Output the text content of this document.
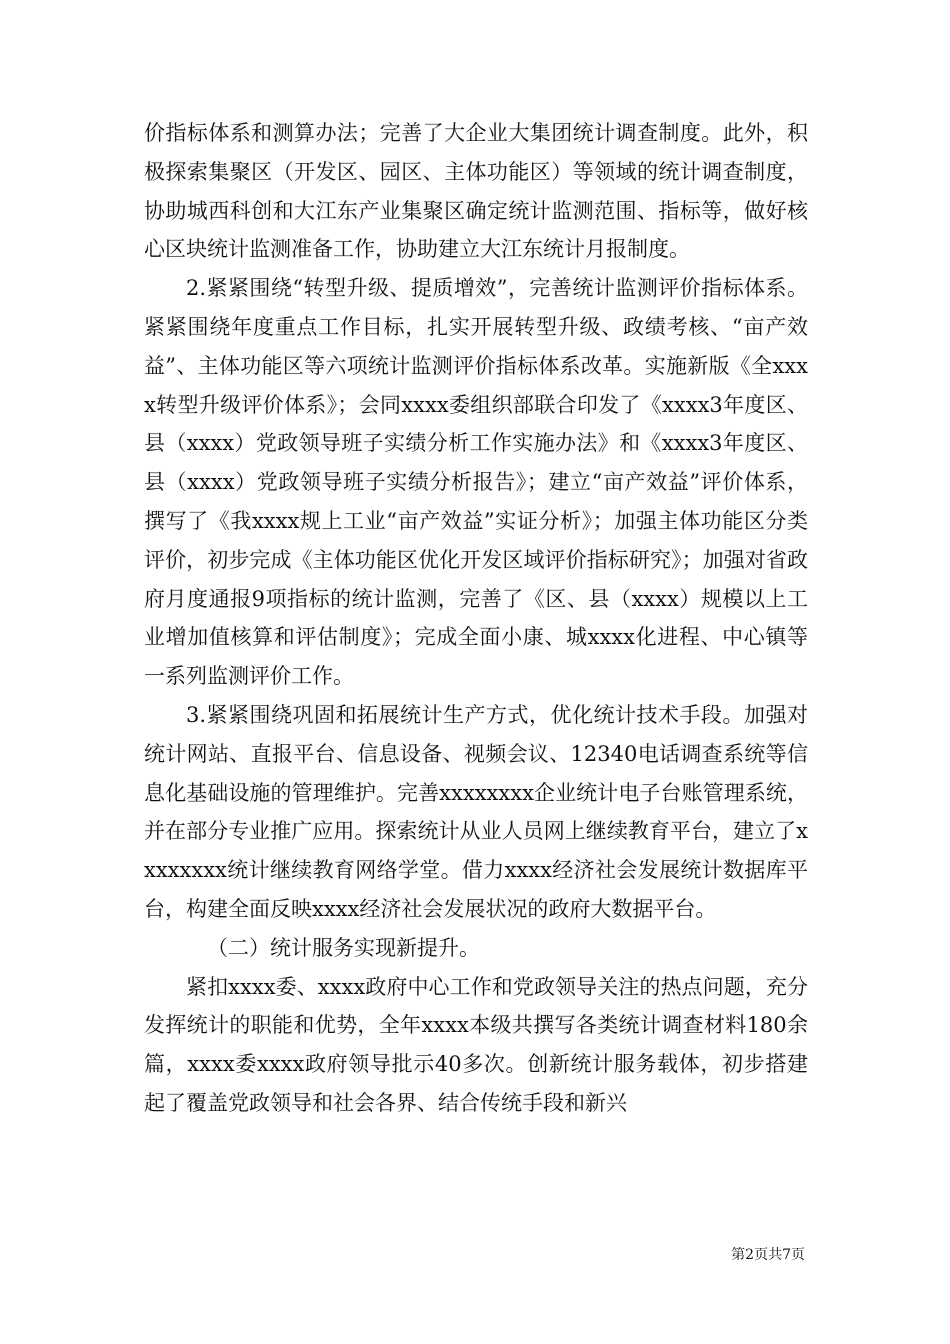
价指标体系和测算办法；完善了大企业大集团统计调查制度。此外，积极探索集聚区（开发区、园区、主体功能区）等领域的统计调查制度，协助城西科创和大江东产业集聚区确定统计监测范围、指标等，做好核心区块统计监测准备工作，协助建立大江东统计月报制度。

2.紧紧围绕“转型升级、提质增效”，完善统计监测评价指标体系。紧紧围绕年度重点工作目标，扎实开展转型升级、政绩考核、“亩产效益”、主体功能区等六项统计监测评价指标体系改革。实施新版《全xxxx转型升级评价体系》；会同xxxx委组织部联合印发了《xxxx3年度区、县（xxxx）党政领导班子实绩分析工作实施办法》和《xxxx3年度区、县（xxxx）党政领导班子实绩分析报告》；建立“亩产效益”评价体系，撰写了《我xxxx规上工业“亩产效益”实证分析》；加强主体功能区分类评价，初步完成《主体功能区优化开发区域评价指标研究》；加强对省政府月度通报9项指标的统计监测，完善了《区、县（xxxx）规模以上工业增加值核算和评估制度》；完成全面小康、城xxxx化进程、中心镇等一系列监测评价工作。

3.紧紧围绕巩固和拓展统计生产方式，优化统计技术手段。加强对统计网站、直报平台、信息设备、视频会议、12340电话调查系统等信息化基础设施的管理维护。完善xxxxxxxx企业统计电子台账管理系统，并在部分专业推广应用。探索统计从业人员网上继续教育平台，建立了xxxxxxxx统计继续教育网络学堂。借力xxxx经济社会发展统计数据库平台，构建全面反映xxxx经济社会发展状况的政府大数据平台。

（二）统计服务实现新提升。

紧扣xxxx委、xxxx政府中心工作和党政领导关注的热点问题，充分发挥统计的职能和优势，全年xxxx本级共撰写各类统计调查材料180余篇，xxxx委xxxx政府领导批示40多次。创新统计服务载体，初步搭建起了覆盖党政领导和社会各界、结合传统手段和新兴

第2页共7页
